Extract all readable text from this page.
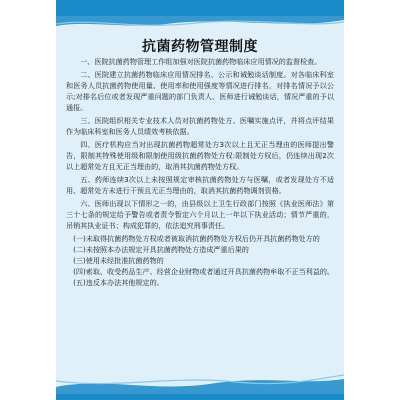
抗菌药物管理制度

一、医院抗菌药物管理工作组加强对医院抗菌药物临床应用情况的监督检查。

二、医院建立抗菌药物临床应用情况排名、公示和诫勉谈话制度。对各临床科室和医务人员抗菌药物使用量、使用率和使用强度等情况进行排名，对排名情况予以公示;对排名后位或者发现严重问题的部门负责人、医师进行诫勉谈话，情况严重的予以通报。

三、医院组织相关专业技术人员对抗菌药物处方、医嘱实施点评，并将点评结果作为临床科室和医务人员绩效考核依据。

四、医疗机构应当对出现抗菌药物超常处方3次以上且无正当理由的医师提出警告，限制其特殊使用级和限制使用级抗菌药物处方权:限制处方权后，仍连续出现2次以上超常处方且无正当理由的，取消其抗菌药物处方权。

五、药师连续3次以上未按照规定审核抗菌药物处方与医嘱，或者发现处方不适用、超常处方未进行干预且无正当理由的，取消其抗菌药物调剂资格。

六、医师出现以下情形之一的，由县级以上卫生行政部门按照《执业医师法》第三十七条的规定给予警告或者责令暂定六个月以上一年以下执业活动；情节严重的，吊销其执业证书；构成犯罪的，依法追究刑事责任。

(一)未取得抗菌药物处方权或者被取消抗菌药物处方权后仍开具抗菌药物处方的

(二)未按照本办法规定开具抗菌药物处方造成严重后果的

(三)使用未经批准抗菌药物的

(四)索取、收受药品生产、经营企业财物或者通过开具抗菌药物牟取不正当利益的。

(五)违反本办法其他规定的。
